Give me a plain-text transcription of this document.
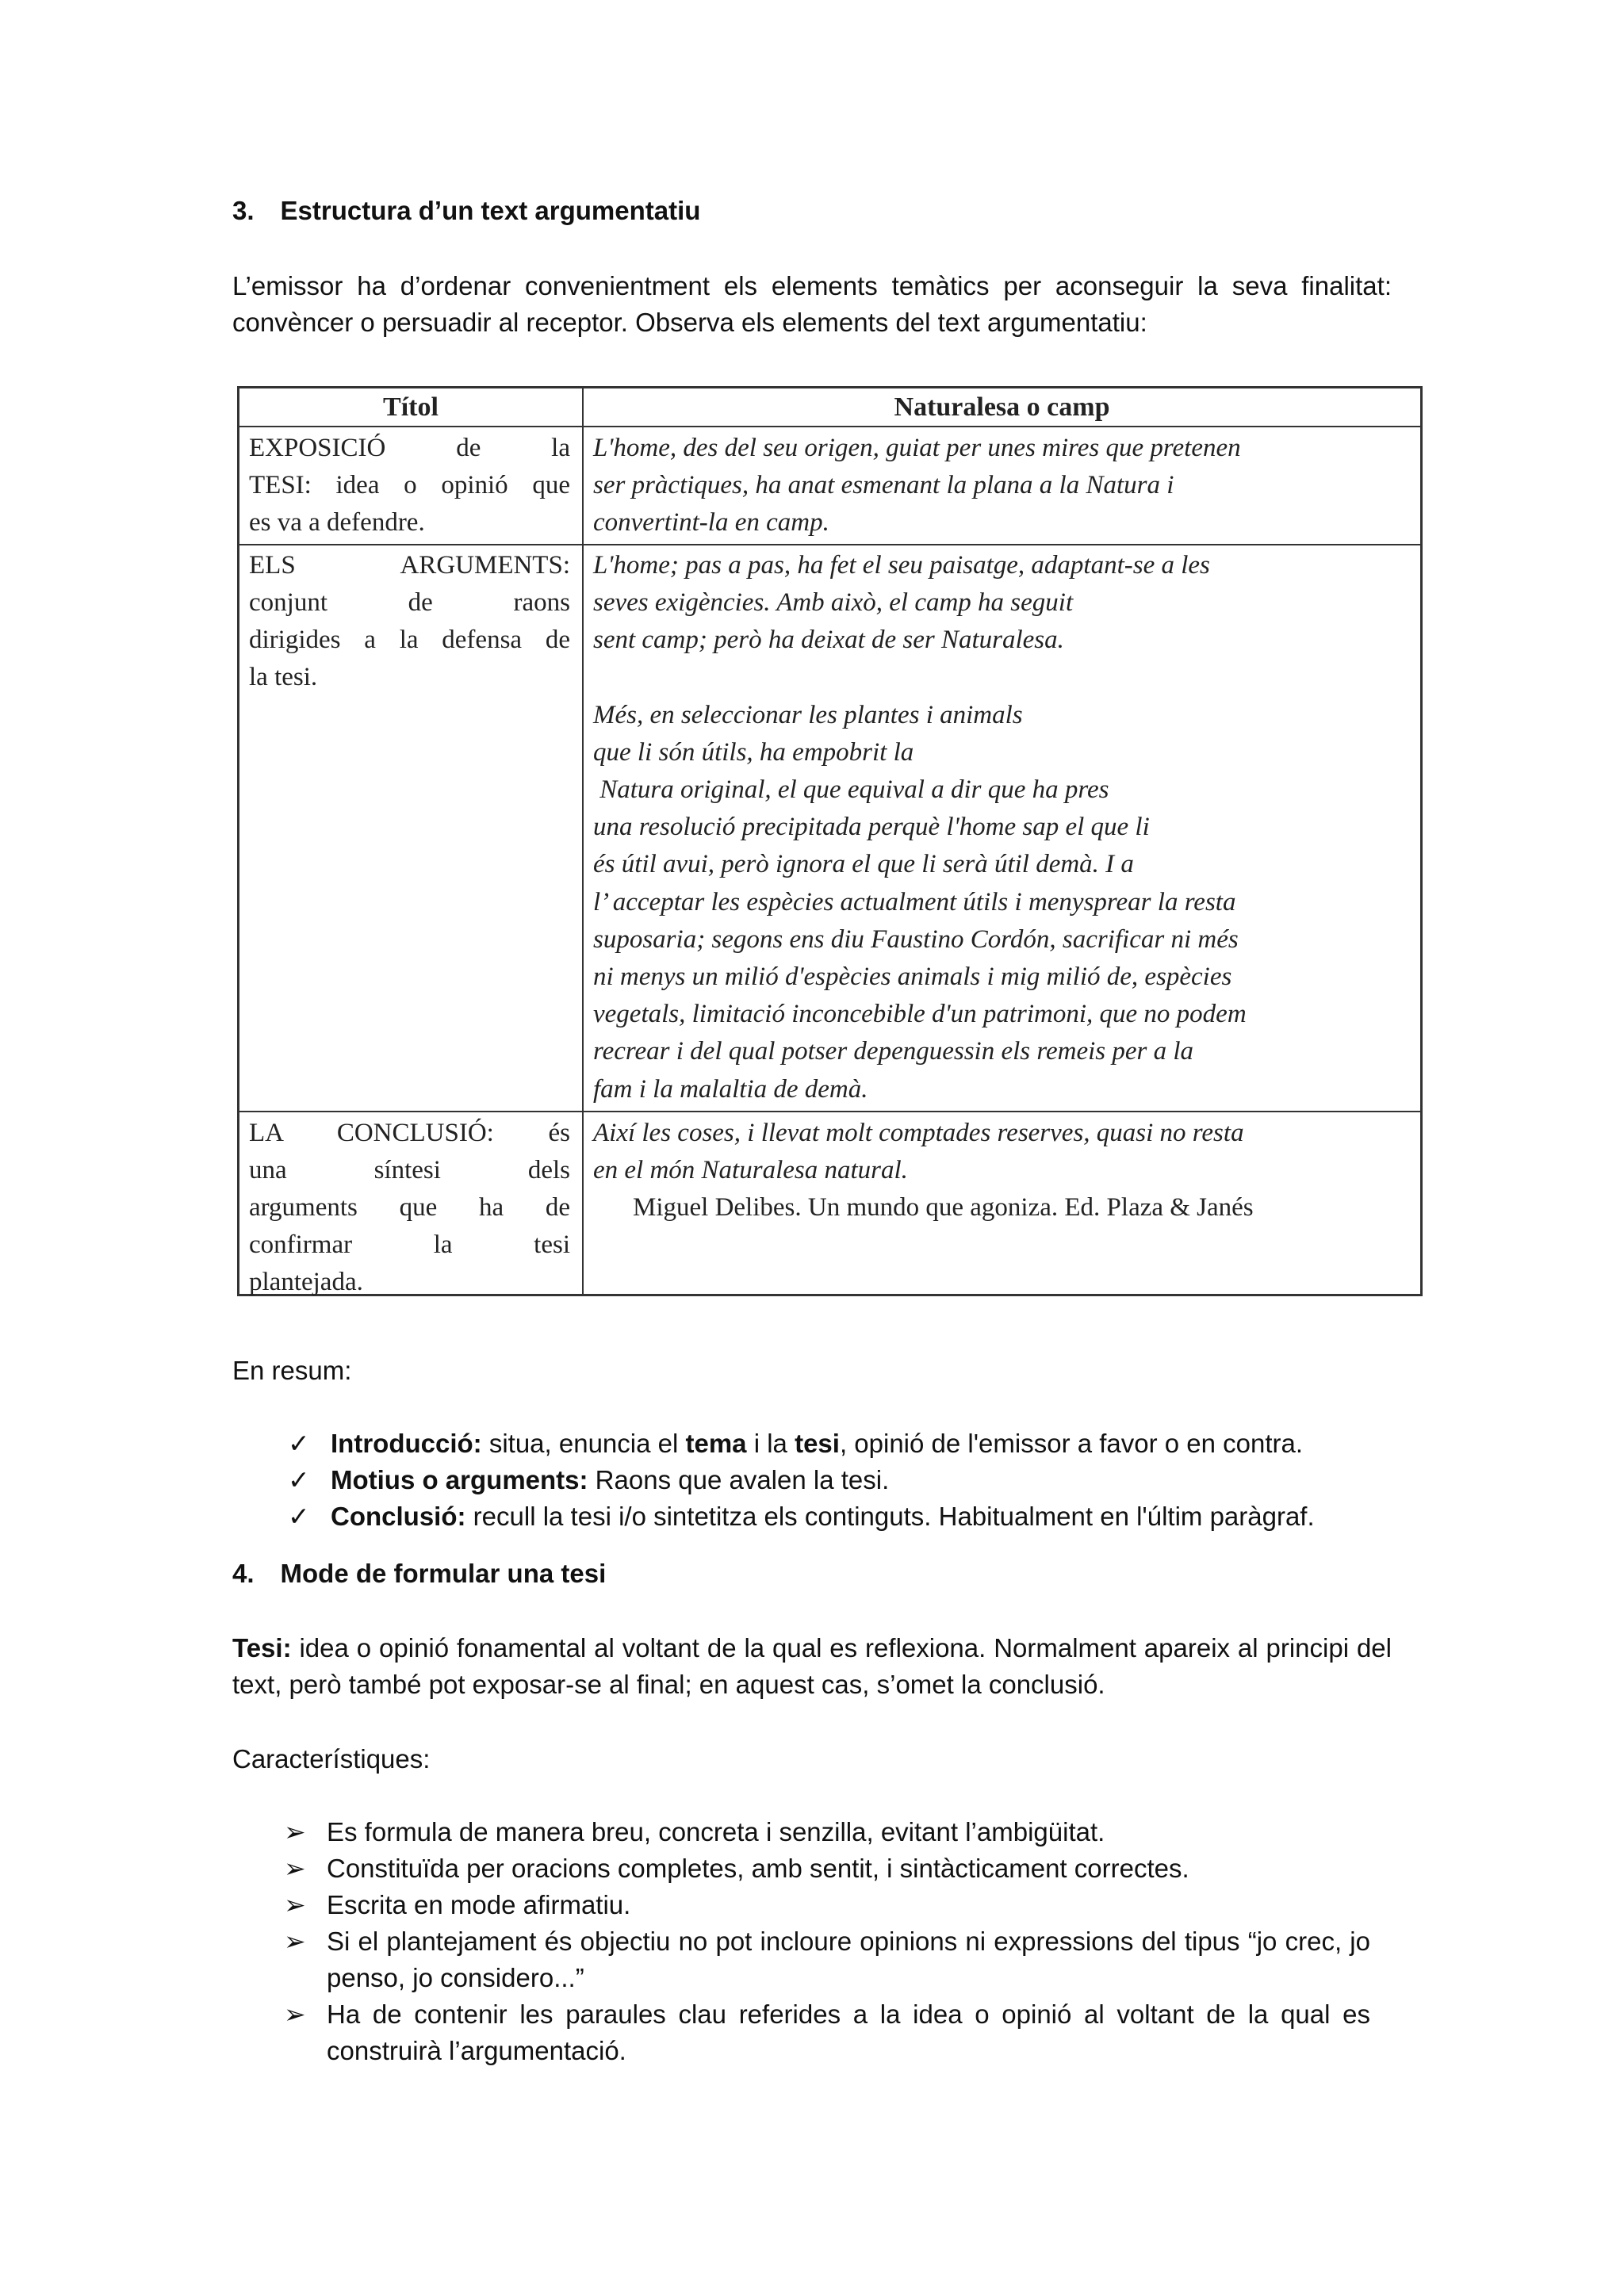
3. Estructura d’un text argumentatiu
L’emissor ha d’ordenar convenientment els elements temàtics per aconseguir la seva finalitat: convèncer o persuadir al receptor. Observa els elements del text argumentatiu:
Títol	Naturalesa o camp
EXPOSICIÓ de la
TESI: idea o opinió que
es va a defendre.
L'home, des del seu origen, guiat per unes mires que pretenen
ser pràctiques, ha anat esmenant la plana a la Natura i
convertint-la en camp.
ELS ARGUMENTS:
conjunt de raons
dirigides a la defensa de
la tesi.
L'home; pas a pas, ha fet el seu paisatge, adaptant-se a les
seves exigències. Amb això, el camp ha seguit
sent camp; però ha deixat de ser Naturalesa.
Més, en seleccionar les plantes i animals
que li són útils, ha empobrit la
Natura original, el que equival a dir que ha pres
una resolució precipitada perquè l'home sap el que li
és útil avui, però ignora el que li serà útil demà. I a
l’ acceptar les espècies actualment útils i menysprear la resta
suposaria; segons ens diu Faustino Cordón, sacrificar ni més
ni menys un milió d'espècies animals i mig milió de, espècies
vegetals, limitació inconcebible d'un patrimoni, que no podem
recrear i del qual potser depenguessin els remeis per a la
fam i la malaltia de demà.
LA CONCLUSIÓ: és
una síntesi dels
arguments que ha de
confirmar la tesi
plantejada.
Així les coses, i llevat molt comptades reserves, quasi no resta
en el món Naturalesa natural.
Miguel Delibes. Un mundo que agoniza. Ed. Plaza & Janés
En resum:
✓ Introducció: situa, enuncia el tema i la tesi, opinió de l'emissor a favor o en contra.
✓ Motius o arguments: Raons que avalen la tesi.
✓ Conclusió: recull la tesi i/o sintetitza els continguts. Habitualment en l'últim paràgraf.
4. Mode de formular una tesi
Tesi: idea o opinió fonamental al voltant de la qual es reflexiona. Normalment apareix al principi del text, però també pot exposar-se al final; en aquest cas, s’omet la conclusió.
Característiques:
➢ Es formula de manera breu, concreta i senzilla, evitant l’ambigüitat.
➢ Constituïda per oracions completes, amb sentit, i sintàcticament correctes.
➢ Escrita en mode afirmatiu.
➢ Si el plantejament és objectiu no pot incloure opinions ni expressions del tipus “jo crec, jo penso, jo considero...”
➢ Ha de contenir les paraules clau referides a la idea o opinió al voltant de la qual es construirà l’argumentació.
